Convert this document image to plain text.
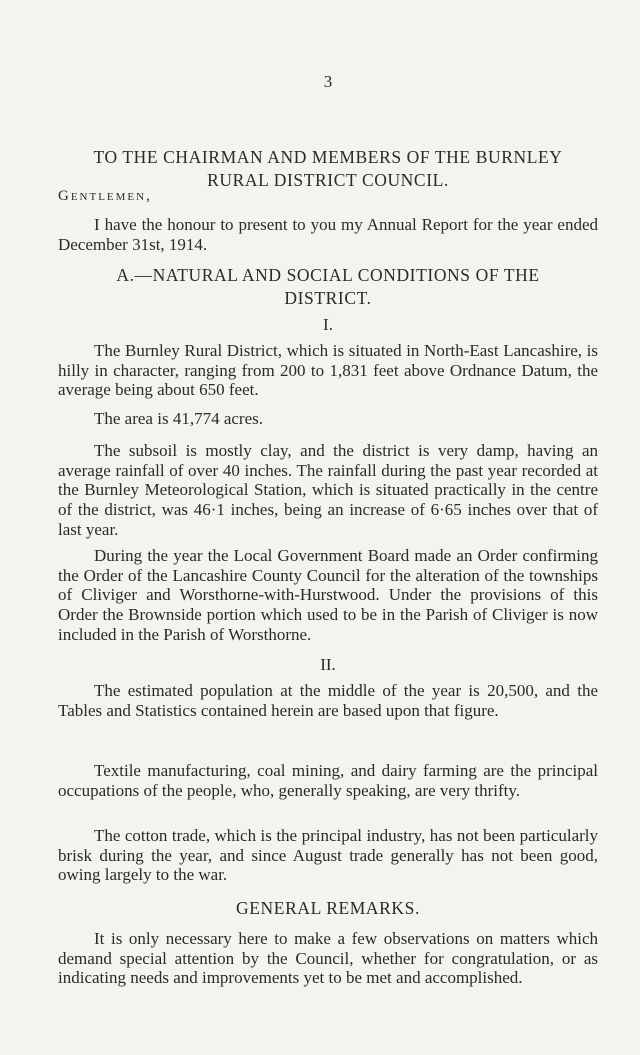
3
TO THE CHAIRMAN AND MEMBERS OF THE BURNLEY
RURAL DISTRICT COUNCIL.
Gentlemen,
I have the honour to present to you my Annual Report for the year ended December 31st, 1914.
A.—NATURAL AND SOCIAL CONDITIONS OF THE
DISTRICT.
I.
The Burnley Rural District, which is situated in North-East Lancashire, is hilly in character, ranging from 200 to 1,831 feet above Ordnance Datum, the average being about 650 feet.
The area is 41,774 acres.
The subsoil is mostly clay, and the district is very damp, having an average rainfall of over 40 inches. The rainfall during the past year recorded at the Burnley Meteorological Station, which is situated practically in the centre of the district, was 46·1 inches, being an increase of 6·65 inches over that of last year.
During the year the Local Government Board made an Order confirming the Order of the Lancashire County Council for the alteration of the townships of Cliviger and Worsthorne-with-Hurstwood. Under the provisions of this Order the Brownside portion which used to be in the Parish of Cliviger is now included in the Parish of Worsthorne.
II.
The estimated population at the middle of the year is 20,500, and the Tables and Statistics contained herein are based upon that figure.
Textile manufacturing, coal mining, and dairy farming are the principal occupations of the people, who, generally speaking, are very thrifty.
The cotton trade, which is the principal industry, has not been particularly brisk during the year, and since August trade generally has not been good, owing largely to the war.
GENERAL REMARKS.
It is only necessary here to make a few observations on matters which demand special attention by the Council, whether for congratulation, or as indicating needs and improvements yet to be met and accomplished.
